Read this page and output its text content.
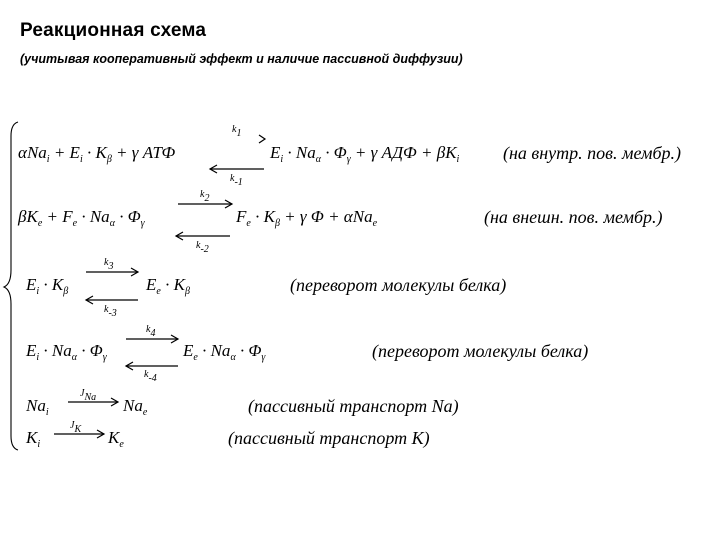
Реакционная схема
(учитывая кооперативный эффект и наличие пассивной диффузии)
$\alpha Na_i + E_i \cdot K_\beta + \gamma$ АТФ
$k_1$
$k_{-1}$
$E_i \cdot Na_\alpha \cdot \Phi_\gamma + \gamma$ АДФ + $\beta K_i$ (на внутр. пов. мембр.)
$\beta K_e + F_e \cdot Na_\alpha \cdot \Phi_\gamma$
$k_2$
$k_{-2}$
$F_e \cdot K_\beta + \gamma$ Φ + αNa$_e$	(на внешн. пов. мембр.)
$E_i \cdot K_\beta$
$k_3$
$k_{-3}$
$E_e \cdot K_\beta$	(переворот молекулы белка)
$E_i \cdot Na_\alpha \cdot \Phi_\gamma$
$k_4$
$k_{-4}$
$E_e \cdot Na_\alpha \cdot \Phi_\gamma$	(переворот молекулы белка)
$Na_i$
$J_{Na}$ $Na_e$	(пассивный транспорт Na)
$K_i$
$J_K$ $K_e$	(пассивный транспорт K)
